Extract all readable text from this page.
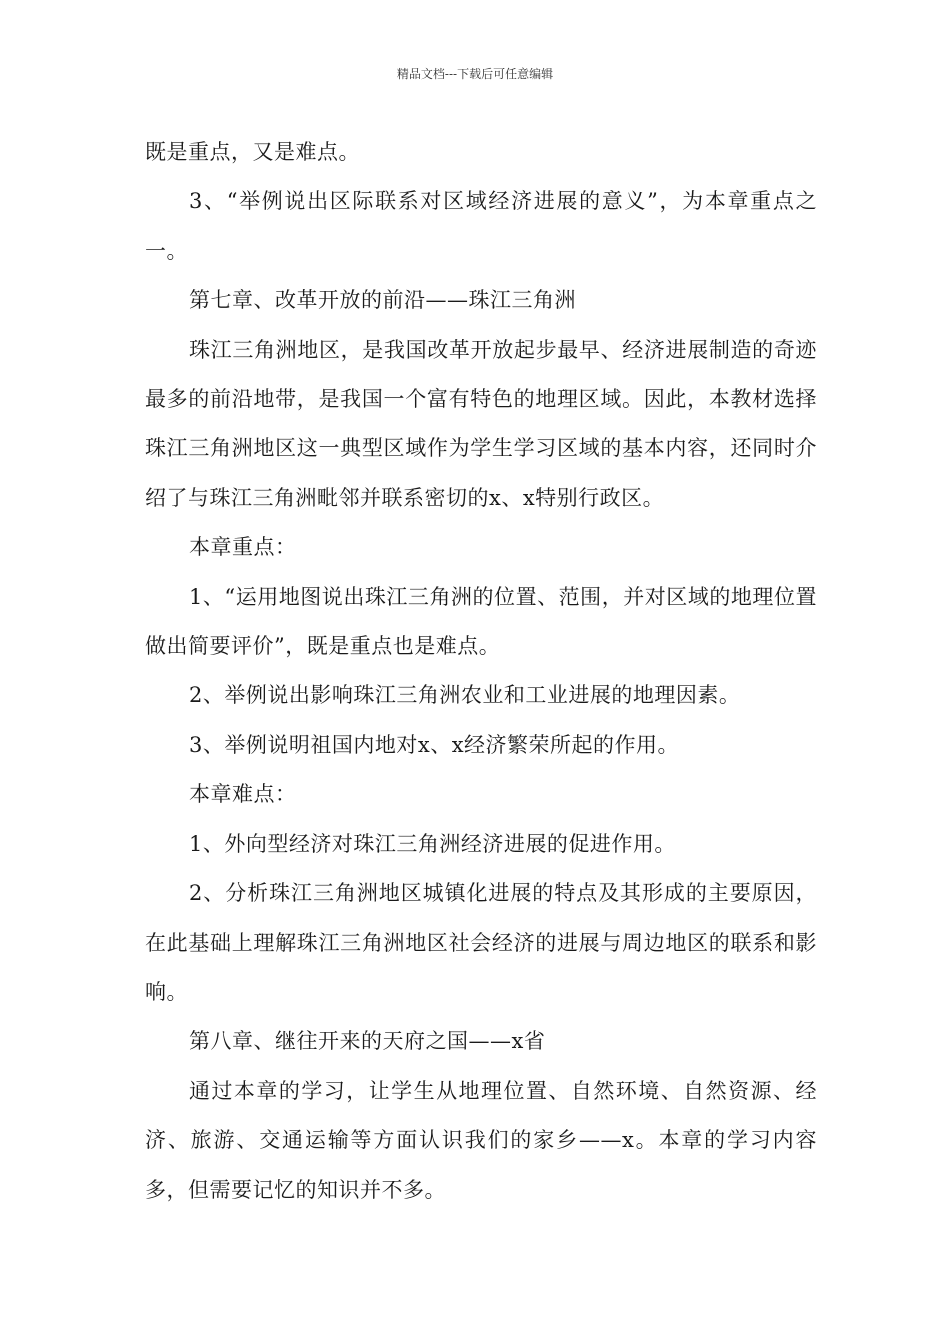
精品文档---下载后可任意编辑

既是重点，又是难点。

3、“举例说出区际联系对区域经济进展的意义”，为本章重点之一。

第七章、改革开放的前沿——珠江三角洲

珠江三角洲地区，是我国改革开放起步最早、经济进展制造的奇迹最多的前沿地带，是我国一个富有特色的地理区域。因此，本教材选择珠江三角洲地区这一典型区域作为学生学习区域的基本内容，还同时介绍了与珠江三角洲毗邻并联系密切的x、x特别行政区。

本章重点：

1、“运用地图说出珠江三角洲的位置、范围，并对区域的地理位置做出简要评价”，既是重点也是难点。

2、举例说出影响珠江三角洲农业和工业进展的地理因素。

3、举例说明祖国内地对x、x经济繁荣所起的作用。

本章难点：

1、外向型经济对珠江三角洲经济进展的促进作用。

2、分析珠江三角洲地区城镇化进展的特点及其形成的主要原因，在此基础上理解珠江三角洲地区社会经济的进展与周边地区的联系和影响。

第八章、继往开来的天府之国——x省

通过本章的学习，让学生从地理位置、自然环境、自然资源、经济、旅游、交通运输等方面认识我们的家乡——x。本章的学习内容多，但需要记忆的知识并不多。
